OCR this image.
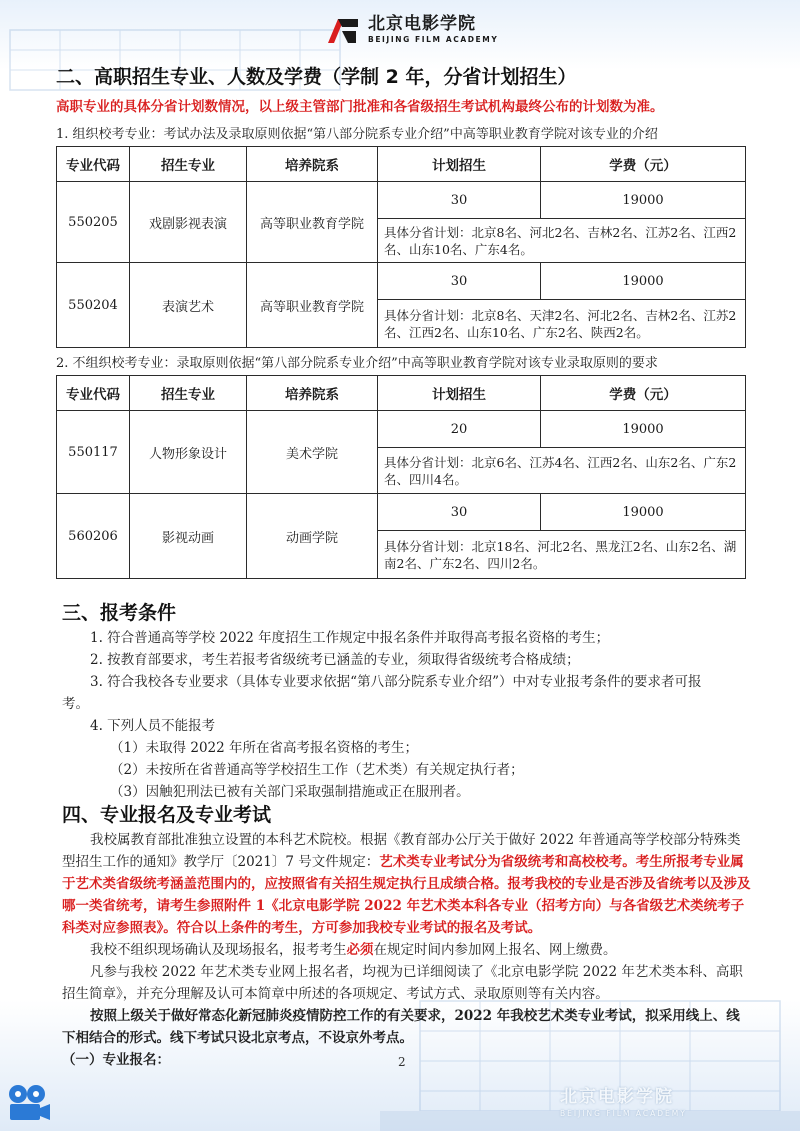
北京电影学院
BEIJING FILM ACADEMY
二、高职招生专业、人数及学费（学制 2 年，分省计划招生）
高职专业的具体分省计划数情况，以上级主管部门批准和各省级招生考试机构最终公布的计划数为准。
1. 组织校考专业：考试办法及录取原则依据“第八部分院系专业介绍”中高等职业教育学院对该专业的介绍
专业代码	招生专业	培养院系	计划招生	学费（元）
550205	戏剧影视表演	高等职业教育学院	30	19000
			具体分省计划：北京8名、河北2名、吉林2名、江苏2名、江西2名、山东10名、广东4名。	
550204	表演艺术	高等职业教育学院	30	19000
			具体分省计划：北京8名、天津2名、河北2名、吉林2名、江苏2名、江西2名、山东10名、广东2名、陕西2名。	
2. 不组织校考专业：录取原则依据“第八部分院系专业介绍”中高等职业教育学院对该专业录取原则的要求
专业代码	招生专业	培养院系	计划招生	学费（元）
550117	人物形象设计	美术学院	20	19000
			具体分省计划：北京6名、江苏4名、江西2名、山东2名、广东2名、四川4名。	
560206	影视动画	动画学院	30	19000
			具体分省计划：北京18名、河北2名、黑龙江2名、山东2名、湖南2名、广东2名、四川2名。	
三、报考条件
1. 符合普通高等学校 2022 年度招生工作规定中报名条件并取得高考报名资格的考生；
2. 按教育部要求，考生若报考省级统考已涵盖的专业，须取得省级统考合格成绩；
3. 符合我校各专业要求（具体专业要求依据“第八部分院系专业介绍”）中对专业报考条件的要求者可报
考。
4. 下列人员不能报考
（1）未取得 2022 年所在省高考报名资格的考生；
（2）未按所在省普通高等学校招生工作（艺术类）有关规定执行者；
（3）因触犯刑法已被有关部门采取强制措施或正在服刑者。
四、专业报名及专业考试
我校属教育部批准独立设置的本科艺术院校。根据《教育部办公厅关于做好 2022 年普通高等学校部分特殊类型招生工作的通知》教学厅〔2021〕7 号文件规定：艺术类专业考试分为省级统考和高校校考。考生所报考专业属于艺术类省级统考涵盖范围内的，应按照省有关招生规定执行且成绩合格。报考我校的专业是否涉及省统考以及涉及哪一类省统考，请考生参照附件 1《北京电影学院 2022 年艺术类本科各专业（招考方向）与各省级艺术类统考子科类对应参照表》。符合以上条件的考生，方可参加我校专业考试的报名及考试。
我校不组织现场确认及现场报名，报考考生必须在规定时间内参加网上报名、网上缴费。
凡参与我校 2022 年艺术类专业网上报名者，均视为已详细阅读了《北京电影学院 2022 年艺术类本科、高职招生简章》，并充分理解及认可本简章中所述的各项规定、考试方式、录取原则等有关内容。
按照上级关于做好常态化新冠肺炎疫情防控工作的有关要求，2022 年我校艺术类专业考试，拟采用线上、线下相结合的形式。线下考试只设北京考点，不设京外考点。
（一）专业报名：	2
北京电影学院
BEIJING FILM ACADEMY
